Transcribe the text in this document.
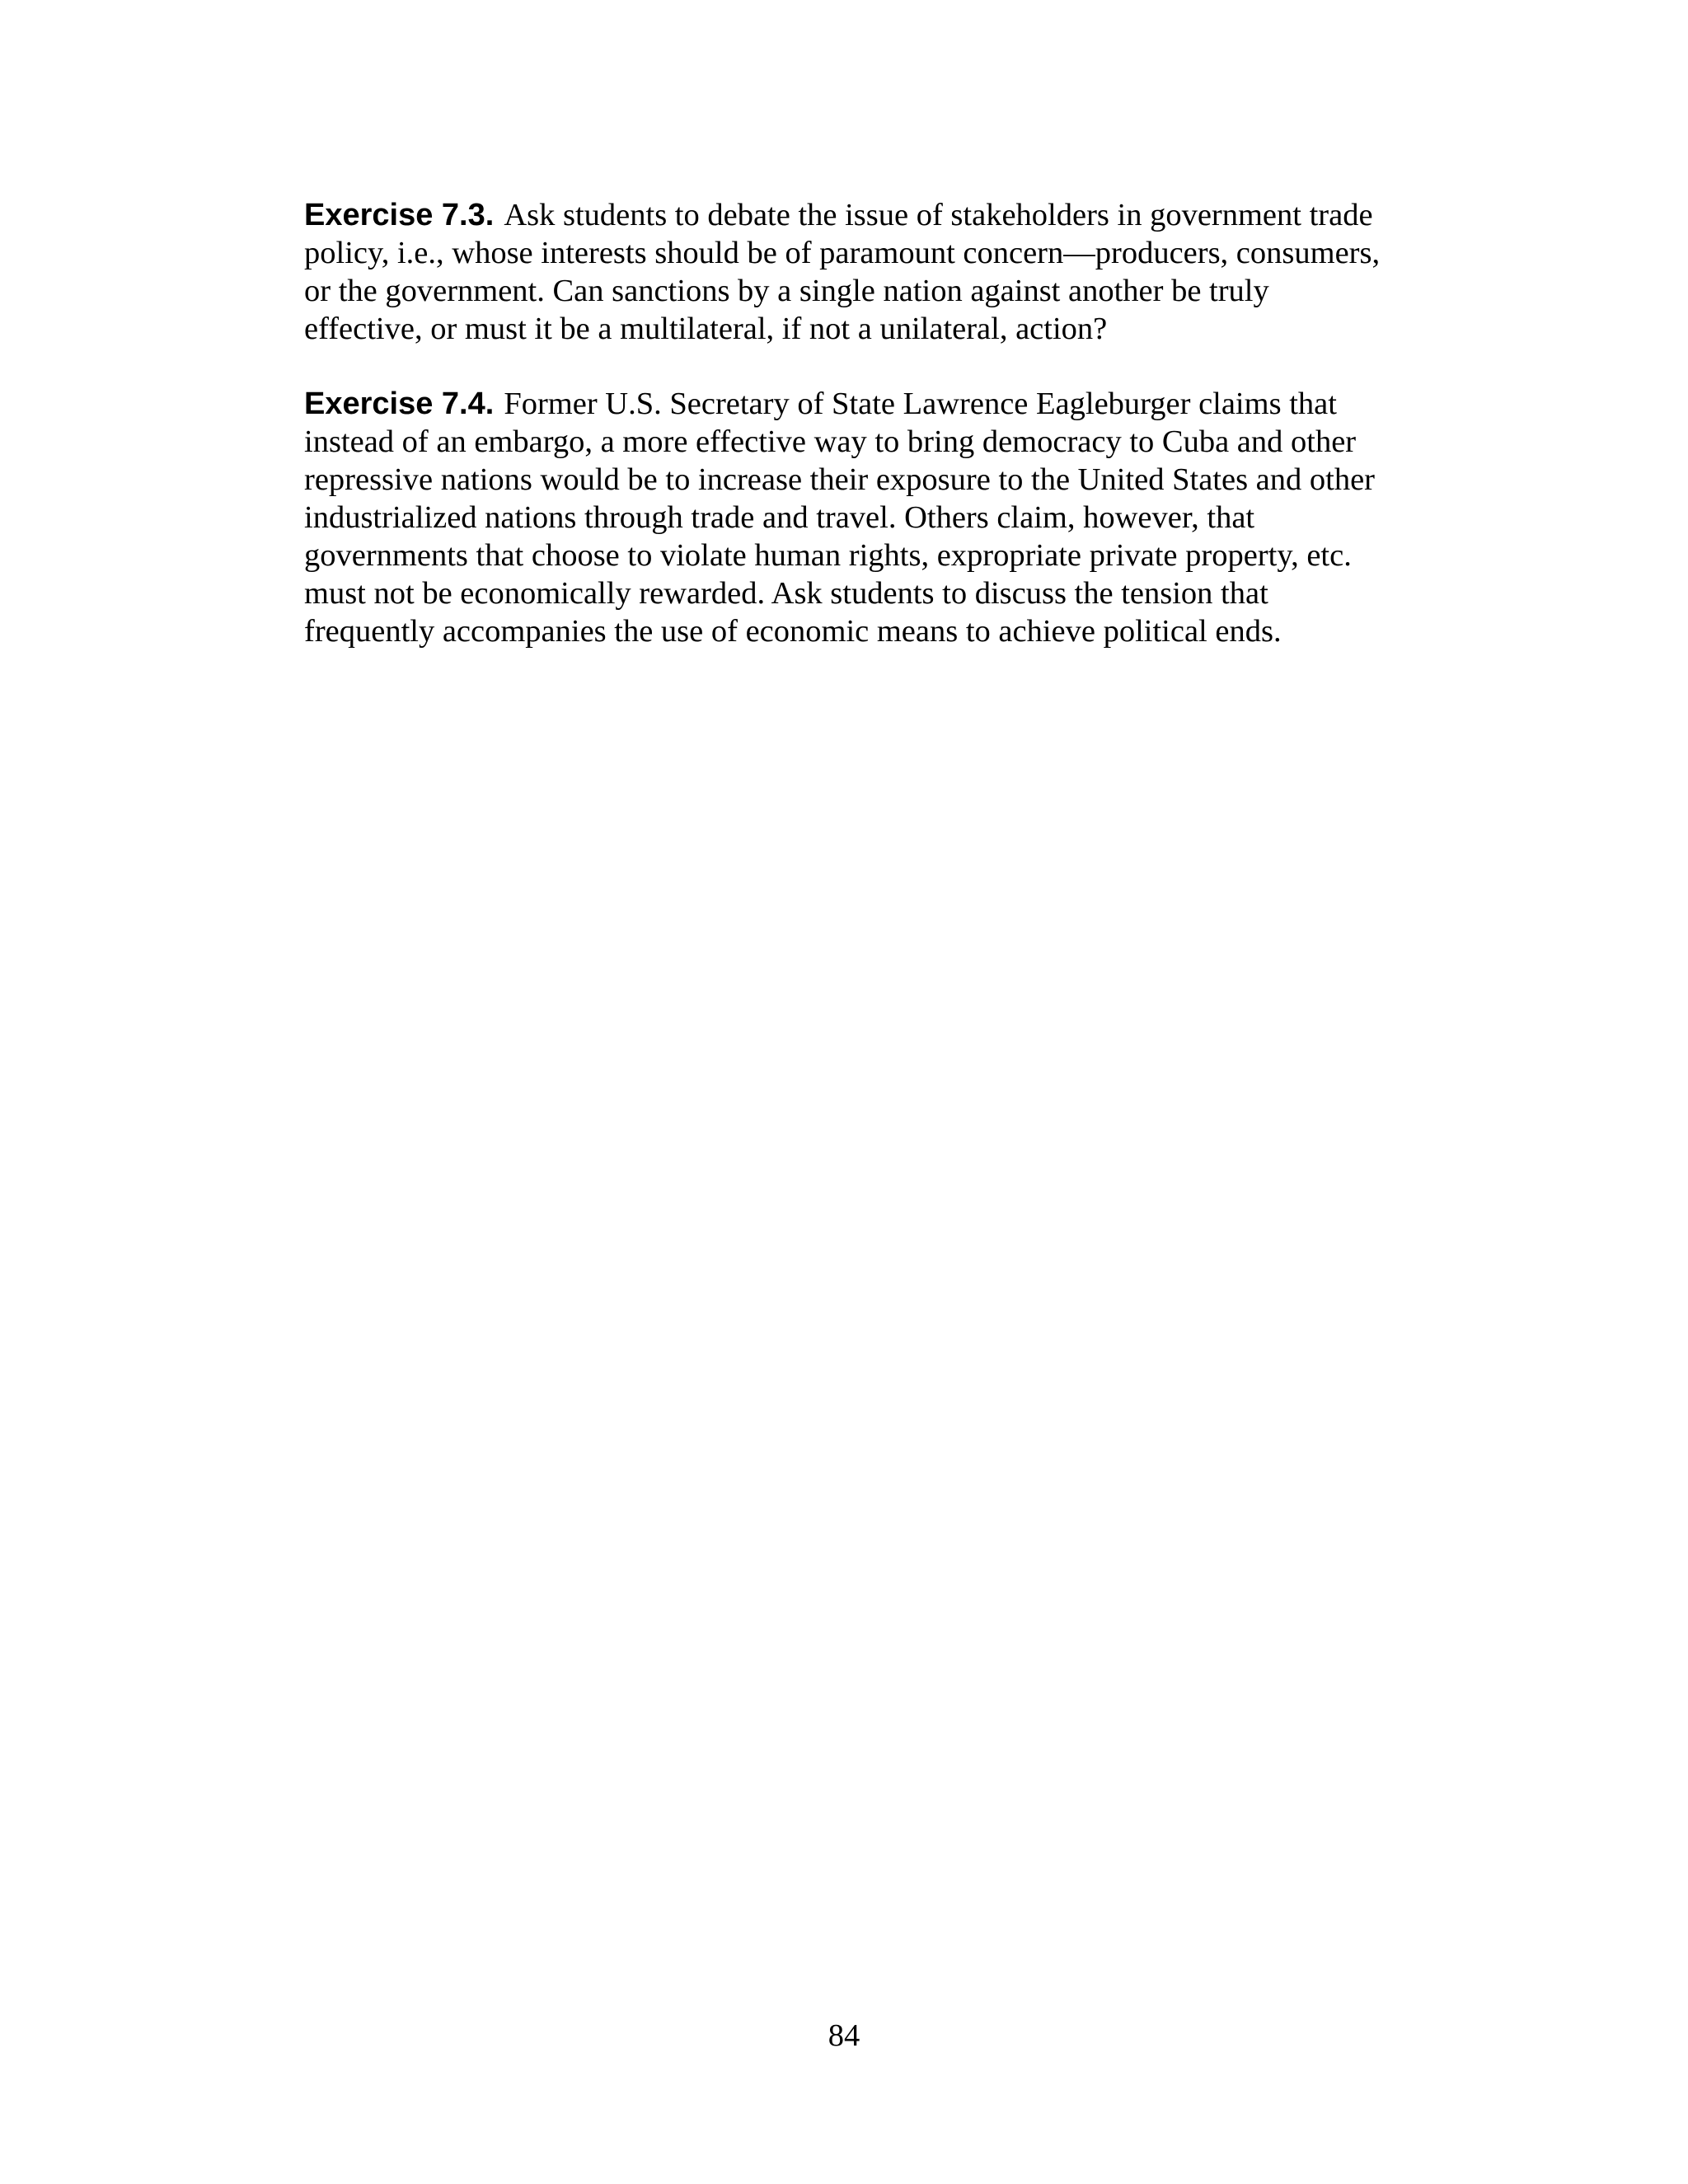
Exercise 7.3. Ask students to debate the issue of stakeholders in government trade
policy, i.e., whose interests should be of paramount concern—producers, consumers,
or the government. Can sanctions by a single nation against another be truly
effective, or must it be a multilateral, if not a unilateral, action?

Exercise 7.4. Former U.S. Secretary of State Lawrence Eagleburger claims that
instead of an embargo, a more effective way to bring democracy to Cuba and other
repressive nations would be to increase their exposure to the United States and other
industrialized nations through trade and travel. Others claim, however, that
governments that choose to violate human rights, expropriate private property, etc.
must not be economically rewarded. Ask students to discuss the tension that
frequently accompanies the use of economic means to achieve political ends.

84
